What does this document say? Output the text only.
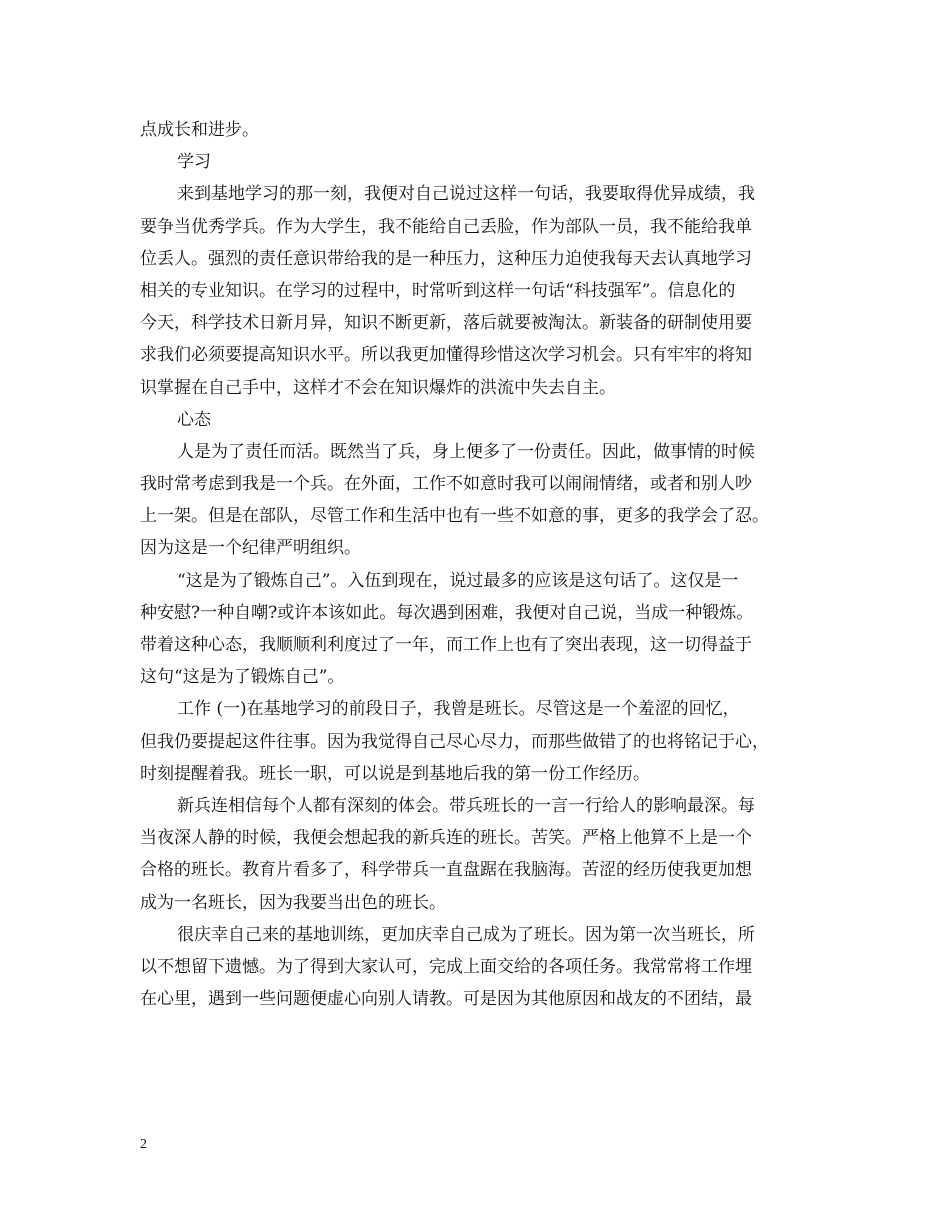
点成长和进步。
学习
来到基地学习的那一刻，我便对自己说过这样一句话，我要取得优异成绩，我
要争当优秀学兵。作为大学生，我不能给自己丢脸，作为部队一员，我不能给我单
位丢人。强烈的责任意识带给我的是一种压力，这种压力迫使我每天去认真地学习
相关的专业知识。在学习的过程中，时常听到这样一句话“科技强军”。信息化的
今天，科学技术日新月异，知识不断更新，落后就要被淘汰。新装备的研制使用要
求我们必须要提高知识水平。所以我更加懂得珍惜这次学习机会。只有牢牢的将知
识掌握在自己手中，这样才不会在知识爆炸的洪流中失去自主。
心态
人是为了责任而活。既然当了兵，身上便多了一份责任。因此，做事情的时候
我时常考虑到我是一个兵。在外面，工作不如意时我可以闹闹情绪，或者和别人吵
上一架。但是在部队，尽管工作和生活中也有一些不如意的事，更多的我学会了忍。
因为这是一个纪律严明组织。
“这是为了锻炼自己”。入伍到现在，说过最多的应该是这句话了。这仅是一
种安慰?一种自嘲?或许本该如此。每次遇到困难，我便对自己说，当成一种锻炼。
带着这种心态，我顺顺利利度过了一年，而工作上也有了突出表现，这一切得益于
这句“这是为了锻炼自己”。
工作 (一)在基地学习的前段日子，我曾是班长。尽管这是一个羞涩的回忆，
但我仍要提起这件往事。因为我觉得自己尽心尽力，而那些做错了的也将铭记于心，
时刻提醒着我。班长一职，可以说是到基地后我的第一份工作经历。
新兵连相信每个人都有深刻的体会。带兵班长的一言一行给人的影响最深。每
当夜深人静的时候，我便会想起我的新兵连的班长。苦笑。严格上他算不上是一个
合格的班长。教育片看多了，科学带兵一直盘踞在我脑海。苦涩的经历使我更加想
成为一名班长，因为我要当出色的班长。
很庆幸自己来的基地训练，更加庆幸自己成为了班长。因为第一次当班长，所
以不想留下遗憾。为了得到大家认可，完成上面交给的各项任务。我常常将工作埋
在心里，遇到一些问题便虚心向别人请教。可是因为其他原因和战友的不团结，最
2
